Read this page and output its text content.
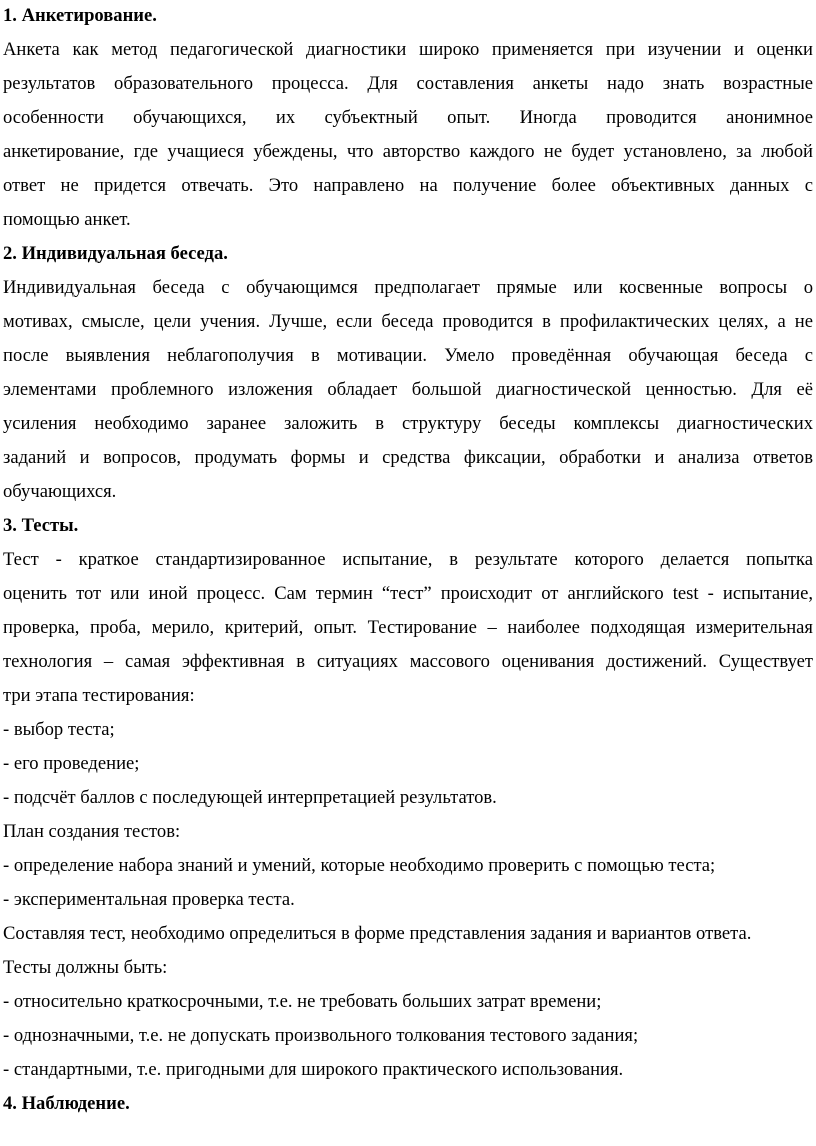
1. Анкетирование.
Анкета как метод педагогической диагностики широко применяется при изучении и оценки
результатов образовательного процесса. Для составления анкеты надо знать возрастные
особенности обучающихся, их субъектный опыт. Иногда проводится анонимное
анкетирование, где учащиеся убеждены, что авторство каждого не будет установлено, за любой
ответ не придется отвечать. Это направлено на получение более объективных данных с
помощью анкет.
2. Индивидуальная беседа.
Индивидуальная беседа с обучающимся предполагает прямые или косвенные вопросы о
мотивах, смысле, цели учения. Лучше, если беседа проводится в профилактических целях, а не
после выявления неблагополучия в мотивации. Умело проведённая обучающая беседа с
элементами проблемного изложения обладает большой диагностической ценностью. Для её
усиления необходимо заранее заложить в структуру беседы комплексы диагностических
заданий и вопросов, продумать формы и средства фиксации, обработки и анализа ответов
обучающихся.
3. Тесты.
Тест - краткое стандартизированное испытание, в результате которого делается попытка
оценить тот или иной процесс. Сам термин “тест” происходит от английского test - испытание,
проверка, проба, мерило, критерий, опыт. Тестирование – наиболее подходящая измерительная
технология – самая эффективная в ситуациях массового оценивания достижений. Существует
три этапа тестирования:
- выбор теста;
- его проведение;
- подсчёт баллов с последующей интерпретацией результатов.
План создания тестов:
- определение набора знаний и умений, которые необходимо проверить с помощью теста;
- экспериментальная проверка теста.
Составляя тест, необходимо определиться в форме представления задания и вариантов ответа.
Тесты должны быть:
- относительно краткосрочными, т.е. не требовать больших затрат времени;
- однозначными, т.е. не допускать произвольного толкования тестового задания;
- стандартными, т.е. пригодными для широкого практического использования.
4. Наблюдение.
